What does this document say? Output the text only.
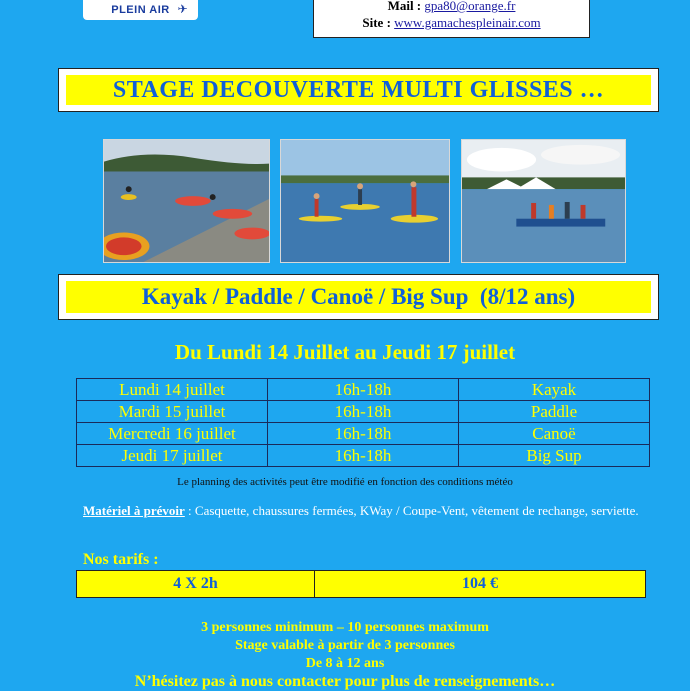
PLEIN AIR ✈	Mail : gpa80@orange.fr
Site : www.gamachespleinair.com
STAGE DECOUVERTE MULTI GLISSES …
Kayak / Paddle / Canoë / Big Sup  (8/12 ans)
Du Lundi 14 Juillet au Jeudi 17 juillet
Lundi 14 juillet	16h-18h	Kayak
Mardi 15 juillet	16h-18h	Paddle
Mercredi 16 juillet	16h-18h	Canoë
Jeudi 17 juillet	16h-18h	Big Sup
Le planning des activités peut être modifié en fonction des conditions météo
Matériel à prévoir : Casquette, chaussures fermées, KWay / Coupe-Vent, vêtement de rechange, serviette.
Nos tarifs :
4 X 2h	104 €
3 personnes minimum – 10 personnes maximum
Stage valable à partir de 3 personnes
De 8 à 12 ans
N’hésitez pas à nous contacter pour plus de renseignements…
